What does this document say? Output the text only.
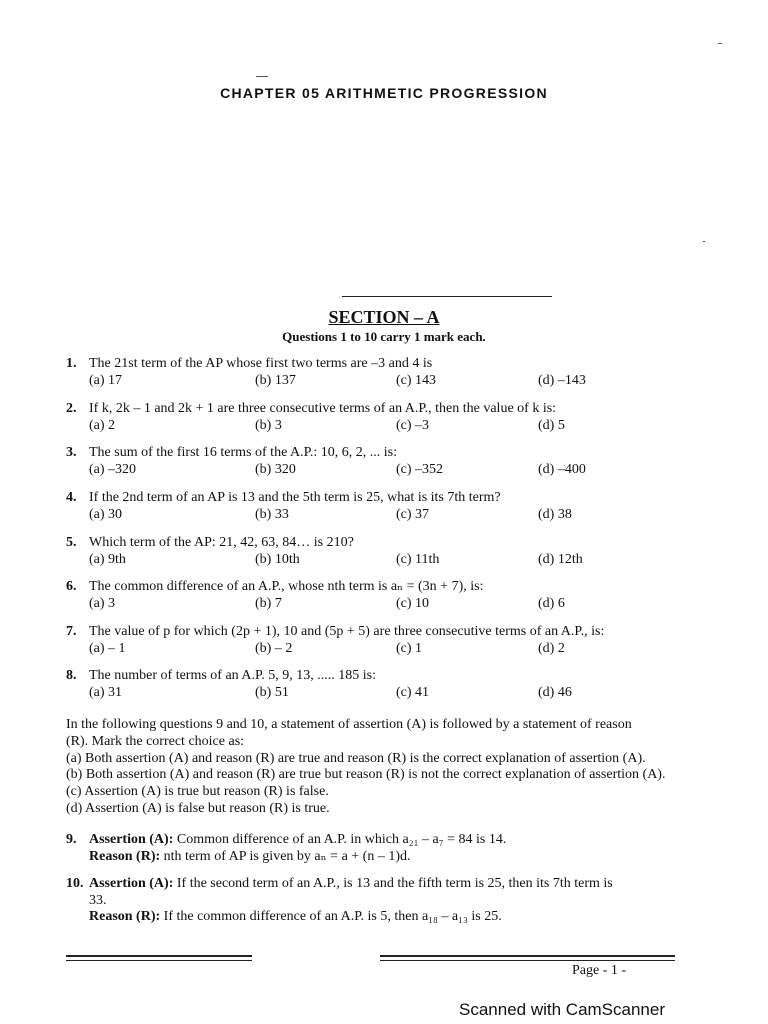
CHAPTER 05 ARITHMETIC PROGRESSION
SECTION – A
Questions 1 to 10 carry 1 mark each.
1. The 21st term of the AP whose first two terms are –3 and 4 is
(a) 17	(b) 137	(c) 143	(d) –143
2. If k, 2k – 1 and 2k + 1 are three consecutive terms of an A.P., then the value of k is:
(a) 2	(b) 3	(c) –3	(d) 5
3. The sum of the first 16 terms of the A.P.: 10, 6, 2, ... is:
(a) –320	(b) 320	(c) –352	(d) –400
4. If the 2nd term of an AP is 13 and the 5th term is 25, what is its 7th term?
(a) 30	(b) 33	(c) 37	(d) 38
5. Which term of the AP: 21, 42, 63, 84… is 210?
(a) 9th	(b) 10th	(c) 11th	(d) 12th
6. The common difference of an A.P., whose nth term is aₙ = (3n + 7), is:
(a) 3	(b) 7	(c) 10	(d) 6
7. The value of p for which (2p + 1), 10 and (5p + 5) are three consecutive terms of an A.P., is:
(a) – 1	(b) – 2	(c) 1	(d) 2
8. The number of terms of an A.P. 5, 9, 13, ..... 185 is:
(a) 31	(b) 51	(c) 41	(d) 46
In the following questions 9 and 10, a statement of assertion (A) is followed by a statement of reason
(R). Mark the correct choice as:
(a) Both assertion (A) and reason (R) are true and reason (R) is the correct explanation of assertion (A).
(b) Both assertion (A) and reason (R) are true but reason (R) is not the correct explanation of assertion (A).
(c) Assertion (A) is true but reason (R) is false.
(d) Assertion (A) is false but reason (R) is true.
9. Assertion (A): Common difference of an A.P. in which a₂₁ – a₇ = 84 is 14.
Reason (R): nth term of AP is given by aₙ = a + (n – 1)d.
10. Assertion (A): If the second term of an A.P., is 13 and the fifth term is 25, then its 7th term is
33.
Reason (R): If the common difference of an A.P. is 5, then a₁₈ – a₁₃ is 25.
Page - 1 -
Scanned with CamScanner
